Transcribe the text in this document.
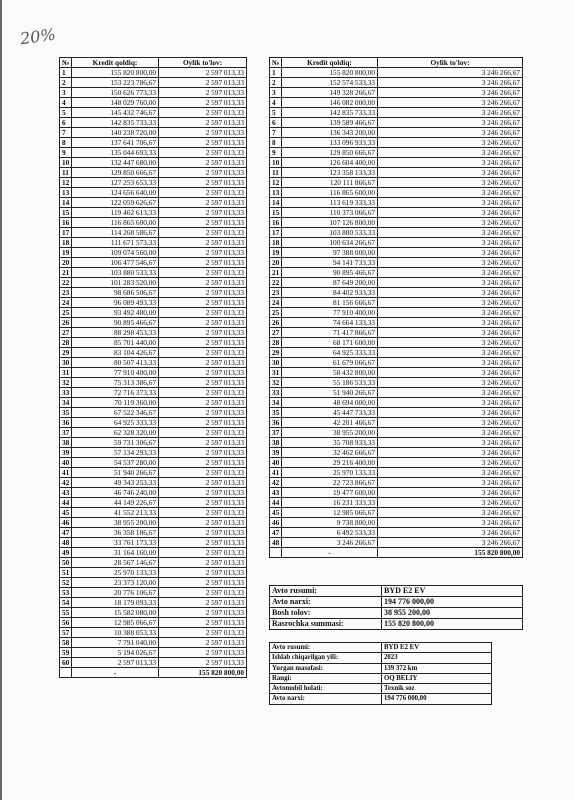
20%
№	Kredit qoldiq:	Oylik to'lov:
1	155 820 800,00	2 597 013,33
2	153 223 786,67	2 597 013,33
3	150 626 773,33	2 597 013,33
4	148 029 760,00	2 597 013,33
5	145 432 746,67	2 597 013,33
6	142 835 733,33	2 597 013,33
7	140 238 720,00	2 597 013,33
8	137 641 706,67	2 597 013,33
9	135 044 693,33	2 597 013,33
10	132 447 680,00	2 597 013,33
11	129 850 666,67	2 597 013,33
12	127 253 653,33	2 597 013,33
13	124 656 640,00	2 597 013,33
14	122 059 626,67	2 597 013,33
15	119 462 613,33	2 597 013,33
16	116 865 600,00	2 597 013,33
17	114 268 586,67	2 597 013,33
18	111 671 573,33	2 597 013,33
19	109 074 560,00	2 597 013,33
20	106 477 546,67	2 597 013,33
21	103 880 533,33	2 597 013,33
22	101 283 520,00	2 597 013,33
23	98 686 506,67	2 597 013,33
24	96 089 493,33	2 597 013,33
25	93 492 480,00	2 597 013,33
26	90 895 466,67	2 597 013,33
27	88 298 453,33	2 597 013,33
28	85 701 440,00	2 597 013,33
29	83 104 426,67	2 597 013,33
30	80 507 413,33	2 597 013,33
31	77 910 400,00	2 597 013,33
32	75 313 386,67	2 597 013,33
33	72 716 373,33	2 597 013,33
34	70 119 360,00	2 597 013,33
35	67 522 346,67	2 597 013,33
36	64 925 333,33	2 597 013,33
37	62 328 320,00	2 597 013,33
38	59 731 306,67	2 597 013,33
39	57 134 293,33	2 597 013,33
40	54 537 280,00	2 597 013,33
41	51 940 266,67	2 597 013,33
42	49 343 253,33	2 597 013,33
43	46 746 240,00	2 597 013,33
44	44 149 226,67	2 597 013,33
45	41 552 213,33	2 597 013,33
46	38 955 200,00	2 597 013,33
47	36 358 186,67	2 597 013,33
48	33 761 173,33	2 597 013,33
49	31 164 160,00	2 597 013,33
50	28 567 146,67	2 597 013,33
51	25 970 133,33	2 597 013,33
52	23 373 120,00	2 597 013,33
53	20 776 106,67	2 597 013,33
54	18 179 093,33	2 597 013,33
55	15 582 080,00	2 597 013,33
56	12 985 066,67	2 597 013,33
57	10 388 053,33	2 597 013,33
58	7 791 040,00	2 597 013,33
59	5 194 026,67	2 597 013,33
60	2 597 013,33	2 597 013,33
	-	155 820 800,00
№	Kredit qoldiq:	Oylik to'lov:
1	155 820 800,00	3 246 266,67
2	152 574 533,33	3 246 266,67
3	149 328 266,67	3 246 266,67
4	146 082 000,00	3 246 266,67
5	142 835 733,33	3 246 266,67
6	139 589 466,67	3 246 266,67
7	136 343 200,00	3 246 266,67
8	133 096 933,33	3 246 266,67
9	129 850 666,67	3 246 266,67
10	126 604 400,00	3 246 266,67
11	123 358 133,33	3 246 266,67
12	120 111 866,67	3 246 266,67
13	116 865 600,00	3 246 266,67
14	113 619 333,33	3 246 266,67
15	110 373 066,67	3 246 266,67
16	107 126 800,00	3 246 266,67
17	103 880 533,33	3 246 266,67
18	100 634 266,67	3 246 266,67
19	97 388 000,00	3 246 266,67
20	94 141 733,33	3 246 266,67
21	90 895 466,67	3 246 266,67
22	87 649 200,00	3 246 266,67
23	84 402 933,33	3 246 266,67
24	81 156 666,67	3 246 266,67
25	77 910 400,00	3 246 266,67
26	74 664 133,33	3 246 266,67
27	71 417 866,67	3 246 266,67
28	68 171 600,00	3 246 266,67
29	64 925 333,33	3 246 266,67
30	61 679 066,67	3 246 266,67
31	58 432 800,00	3 246 266,67
32	55 186 533,33	3 246 266,67
33	51 940 266,67	3 246 266,67
34	48 694 000,00	3 246 266,67
35	45 447 733,33	3 246 266,67
36	42 201 466,67	3 246 266,67
37	38 955 200,00	3 246 266,67
38	35 708 933,33	3 246 266,67
39	32 462 666,67	3 246 266,67
40	29 216 400,00	3 246 266,67
41	25 970 133,33	3 246 266,67
42	22 723 866,67	3 246 266,67
43	19 477 600,00	3 246 266,67
44	16 231 333,33	3 246 266,67
45	12 985 066,67	3 246 266,67
46	9 738 800,00	3 246 266,67
47	6 492 533,33	3 246 266,67
48	3 246 266,67	3 246 266,67
	-	155 820 800,00
Avto rusumi:	BYD E2 EV
Avto narxi:	194 776 000,00
Bosh tolov:	38 955 200,00
Rasrochka summasi:	155 820 800,00
Avto rusumi:	BYD E2 EV
Ishlab chiqarilgan yili:	2023
Yurgan masofasi:	139 372 km
Rangi:	OQ BELIY
Avtomobil holati:	Texnik soz
Avto narxi:	194 776 000,00
